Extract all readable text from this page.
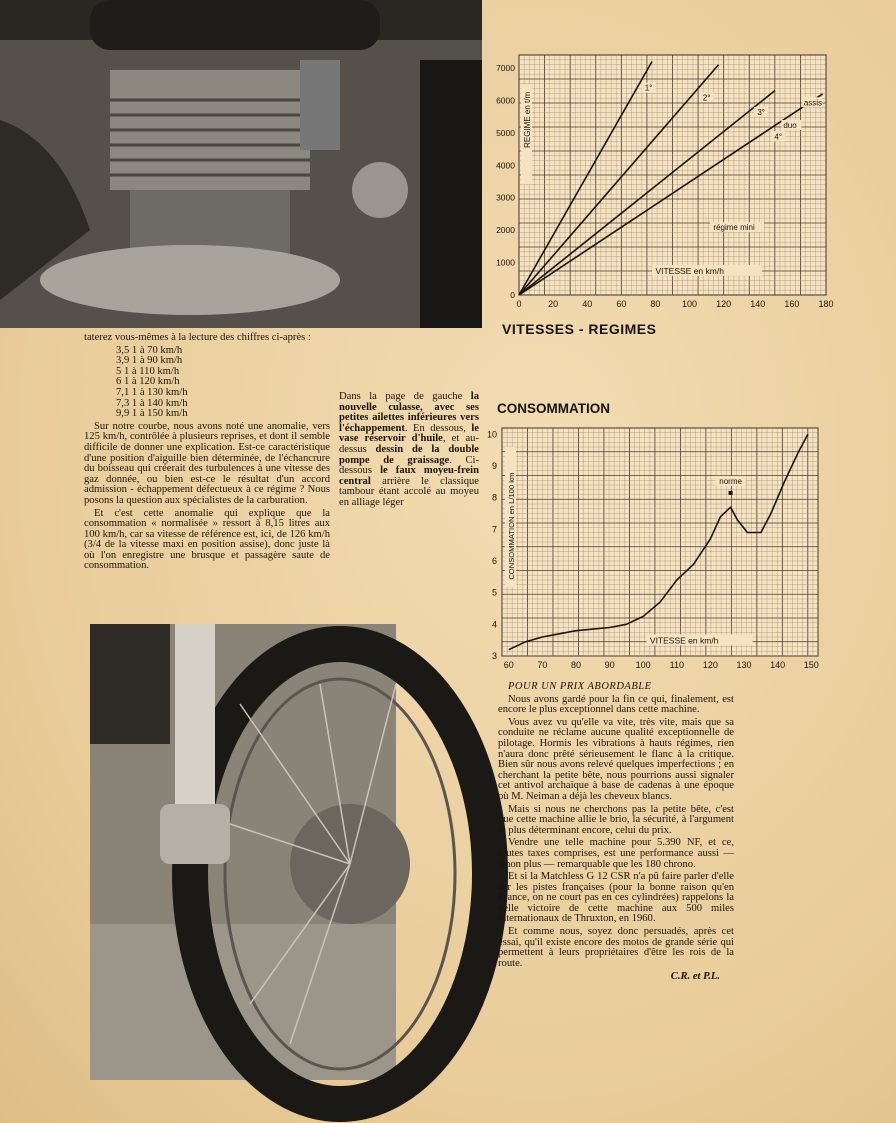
0	20	40	60	80 100 120 140 160 180
0
1000
2000
3000
4000
5000
6000
7000
1°
2°
3°
4°
assis
duo
régime mini
VITESSE en km/h
REGIME en t/m
VITESSES - REGIMES
CONSOMMATION
60	70	80	90 100 110 120 130 140 150
3
4
5
6
7
8
9
10
norme
VITESSE en km/h
CONSOMMATION en L/100 km

taterez vous-mêmes à la lecture des chiffres ci-après :

3,5 1 à 70 km/h
3,9 1 à 90 km/h
5 1 à 110 km/h
6 1 à 120 km/h
7,1 1 à 130 km/h
7,3 1 à 140 km/h
9,9 1 à 150 km/h

Sur notre courbe, nous avons noté une anomalie, vers 125 km/h, contrôlée à plusieurs reprises, et dont il semble difficile de donner une explication. Est-ce caractéristique d'une position d'aiguille bien déterminée, de l'échancrure du boisseau qui créerait des turbulences à une vitesse des gaz donnée, ou bien est-ce le résultat d'un accord admission - échappement défectueux à ce régime ? Nous posons la question aux spécialistes de la carburation.

Et c'est cette anomalie qui explique que la consommation « normalisée » ressort à 8,15 litres aux 100 km/h, car sa vitesse de référence est, ici, de 126 km/h (3/4 de la vitesse maxi en position assise), donc juste là où l'on enregistre une brusque et passagère saute de consommation.

Dans la page de gauche la nouvelle culasse, avec ses petites ailettes inférieures vers l'échappement. En dessous, le vase réservoir d'huile, et au-dessus dessin de la double pompe de graissage. Ci-dessous le faux moyeu-frein central arrière le classique tambour étant accolé au moyeu en alliage léger

POUR UN PRIX ABORDABLE

Nous avons gardé pour la fin ce qui, finalement, est encore le plus exceptionnel dans cette machine.

Vous avez vu qu'elle va vite, très vite, mais que sa conduite ne réclame aucune qualité exceptionnelle de pilotage. Hormis les vibrations à hauts régimes, rien n'aura donc prêté sérieusement le flanc à la critique. Bien sûr nous avons relevé quelques imperfections ; en cherchant la petite bête, nous pourrions aussi signaler cet antivol archaïque à base de cadenas à une époque où M. Neiman a déjà les cheveux blancs.

Mais si nous ne cherchons pas la petite bête, c'est que cette machine allie le brio, la sécurité, à l'argument le plus déterminant encore, celui du prix.

Vendre une telle machine pour 5.390 NF, et ce, toutes taxes comprises, est une performance aussi — sinon plus — remarquable que les 180 chrono.

Et si la Matchless G 12 CSR n'a pû faire parler d'elle sur les pistes françaises (pour la bonne raison qu'en France, on ne court pas en ces cylindrées) rappelons la belle victoire de cette machine aux 500 miles internationaux de Thruxton, en 1960.

Et comme nous, soyez donc persuadés, après cet essai, qu'il existe encore des motos de grande série qui permettent à leurs propriétaires d'être les rois de la route.

C.R. et P.L.
